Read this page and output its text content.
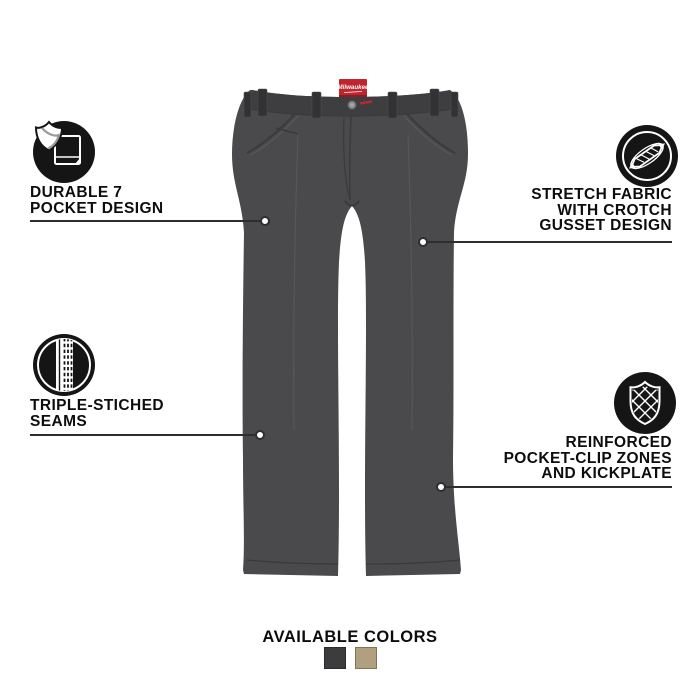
Milwaukee
DURABLE 7
POCKET DESIGN
STRETCH FABRIC
WITH CROTCH
GUSSET DESIGN
TRIPLE-STICHED
SEAMS
REINFORCED
POCKET-CLIP ZONES
AND KICKPLATE
AVAILABLE COLORS
